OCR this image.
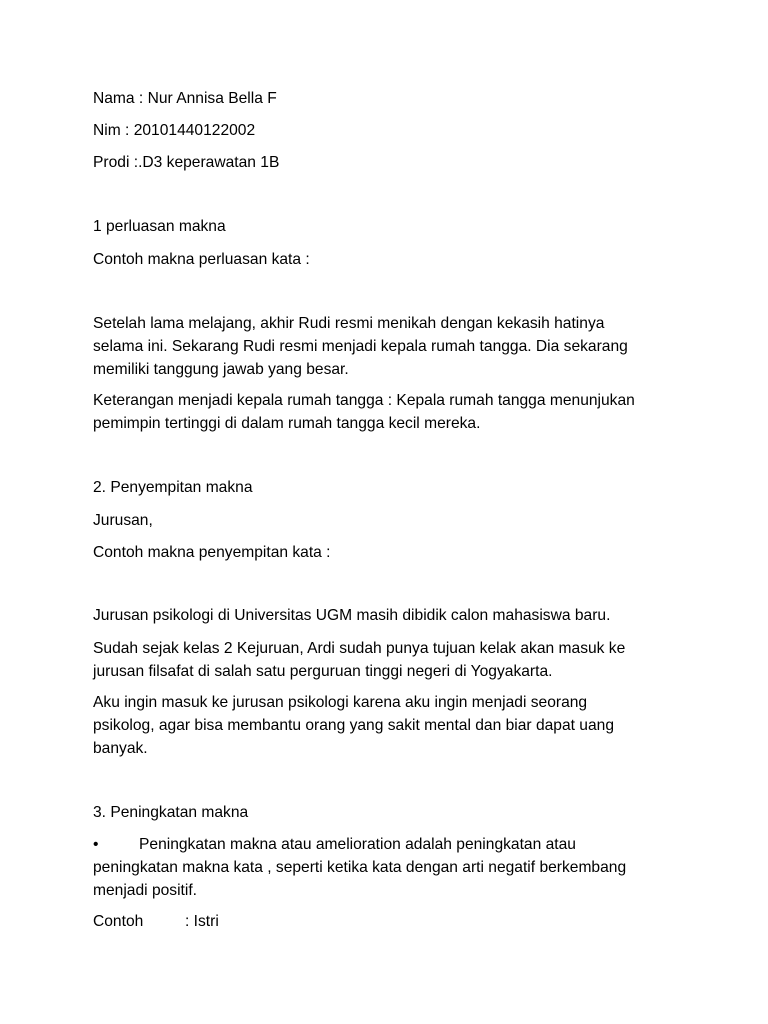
Nama : Nur Annisa Bella F

Nim : 20101440122002

Prodi :.D3 keperawatan 1B

1 perluasan makna

Contoh makna perluasan kata :

Setelah lama melajang, akhir Rudi resmi menikah dengan kekasih hatinya

selama ini. Sekarang Rudi resmi menjadi kepala rumah tangga. Dia sekarang

memiliki tanggung jawab yang besar.

Keterangan menjadi kepala rumah tangga : Kepala rumah tangga menunjukan

pemimpin tertinggi di dalam rumah tangga kecil mereka.

2. Penyempitan makna

Jurusan,

Contoh makna penyempitan kata :

Jurusan psikologi di Universitas UGM masih dibidik calon mahasiswa baru.

Sudah sejak kelas 2 Kejuruan, Ardi sudah punya tujuan kelak akan masuk ke

jurusan filsafat di salah satu perguruan tinggi negeri di Yogyakarta.

Aku ingin masuk ke jurusan psikologi karena aku ingin menjadi seorang

psikolog, agar bisa membantu orang yang sakit mental dan biar dapat uang

banyak.

3. Peningkatan makna

•	Peningkatan makna atau amelioration adalah peningkatan atau

peningkatan makna kata , seperti ketika kata dengan arti negatif berkembang

menjadi positif.

Contoh	: Istri
